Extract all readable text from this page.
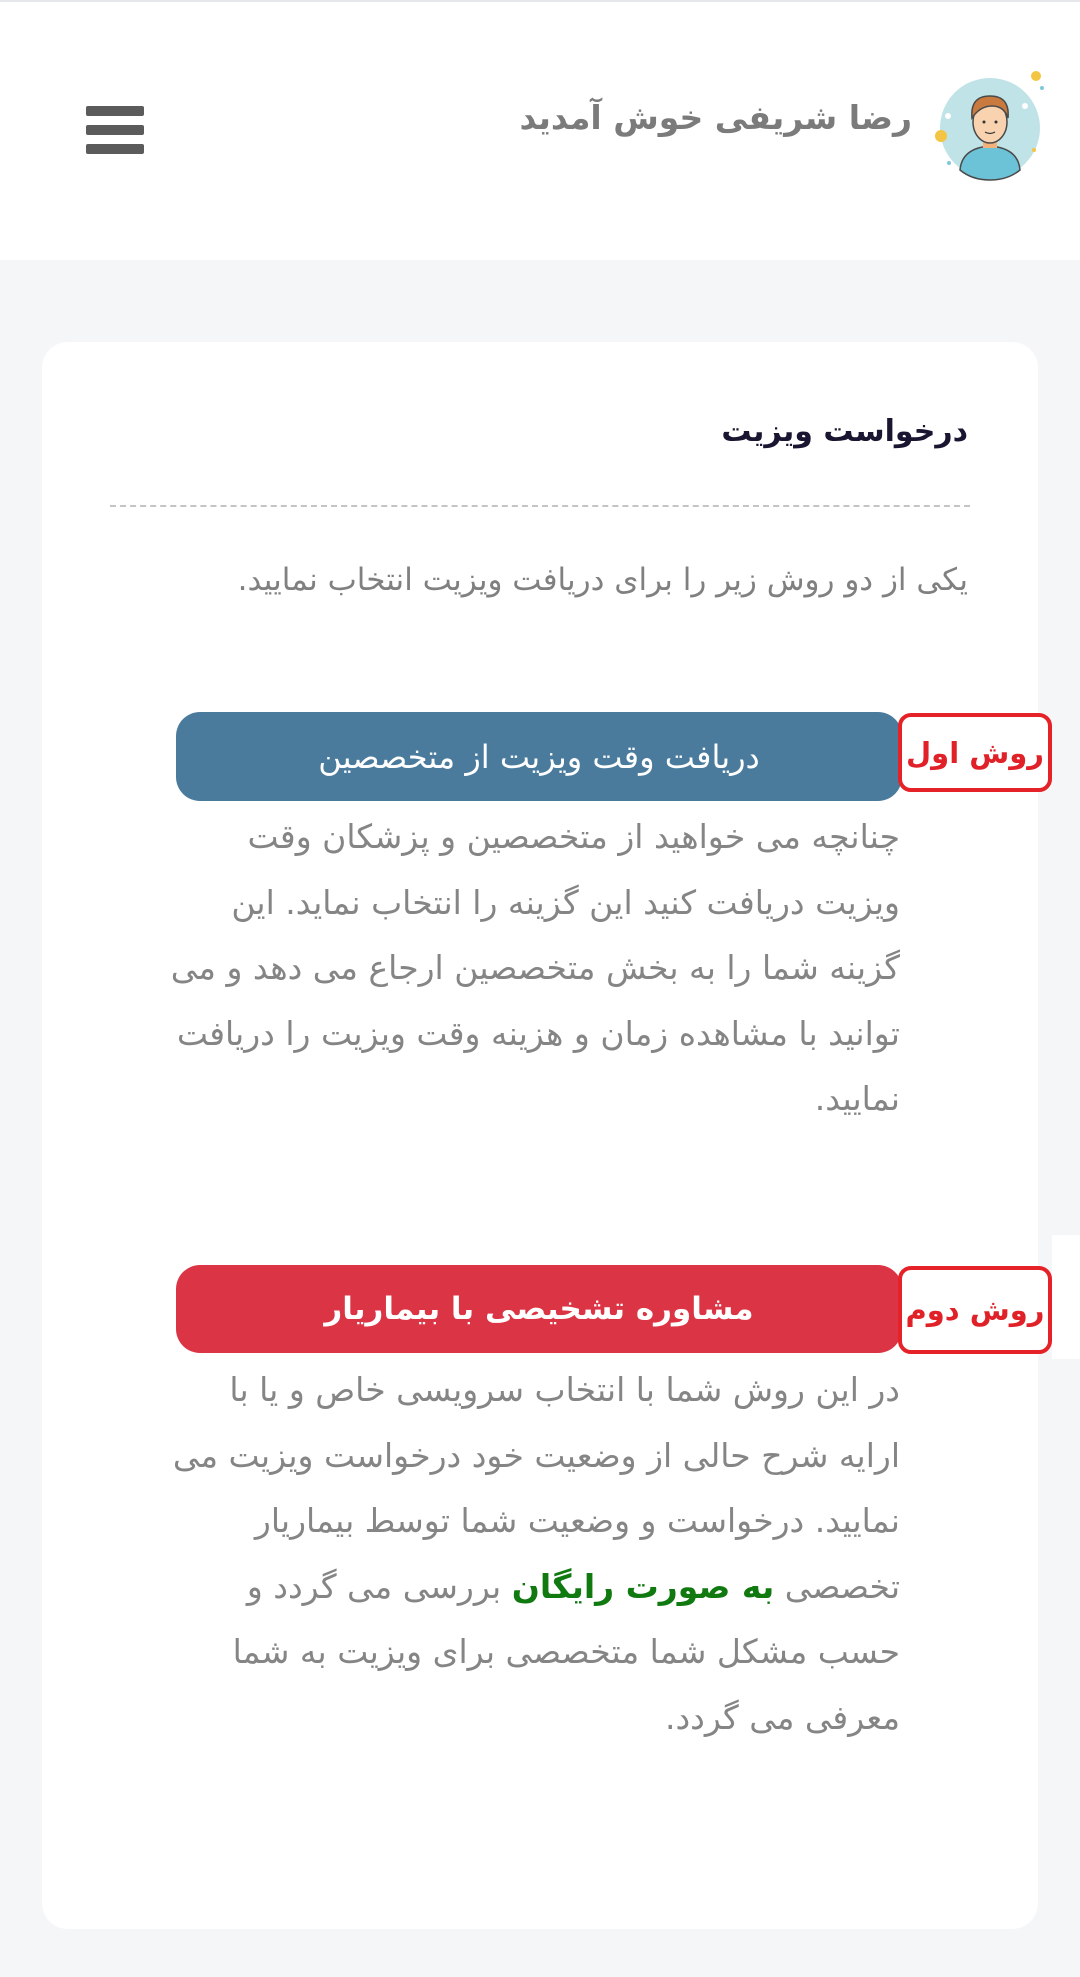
رضا شریفی خوش آمدید
درخواست ویزیت

یکی از دو روش زیر را برای دریافت ویزیت انتخاب نمایید.

دریافت وقت ویزیت از متخصصین	روش اول

چنانچه می خواهید از متخصصین و پزشکان وقت ویزیت دریافت کنید این گزینه را انتخاب نماید. این گزینه شما را به بخش متخصصین ارجاع می دهد و می توانید با مشاهده زمان و هزینه وقت ویزیت را دریافت نمایید.

مشاوره تشخیصی با بیماریار	روش دوم

در این روش شما با انتخاب سرویسی خاص و یا با ارایه شرح حالی از وضعیت خود درخواست ویزیت می نمایید. درخواست و وضعیت شما توسط بیماریار تخصصی به صورت رایگان بررسی می گردد و حسب مشکل شما متخصصی برای ویزیت به شما معرفی می گردد.
